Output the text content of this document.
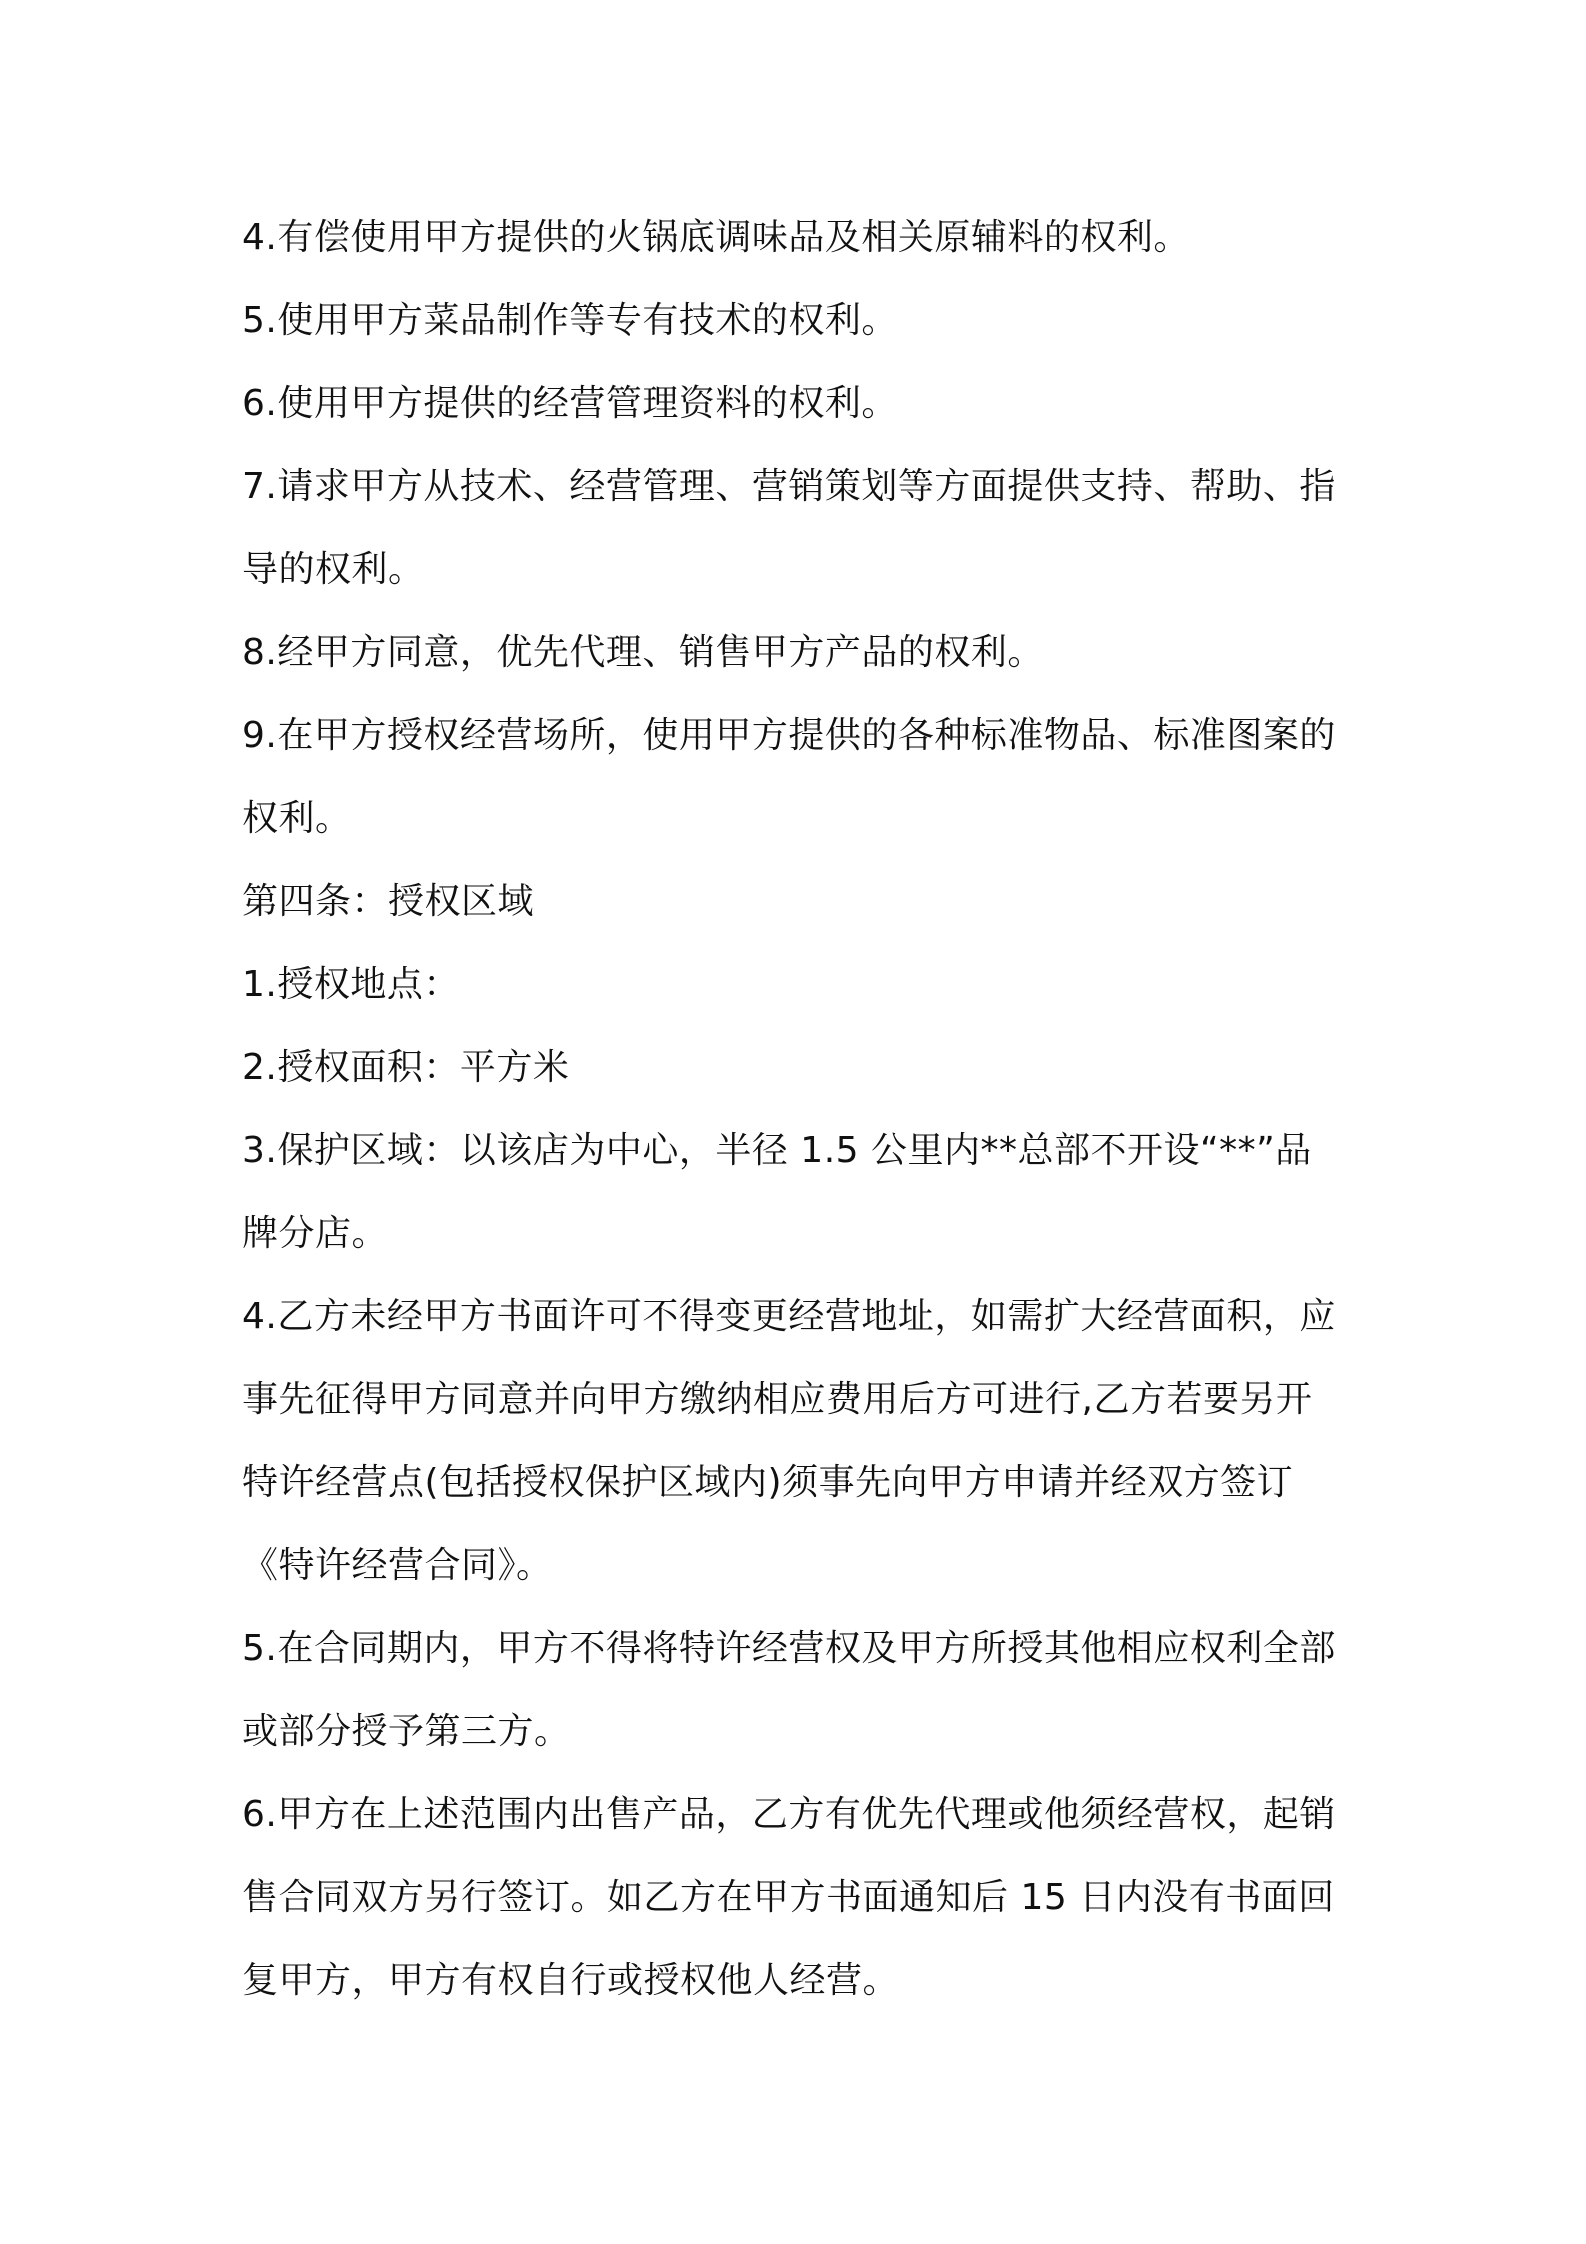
4.有偿使用甲方提供的火锅底调味品及相关原辅料的权利。
5.使用甲方菜品制作等专有技术的权利。
6.使用甲方提供的经营管理资料的权利。
7.请求甲方从技术、经营管理、营销策划等方面提供支持、帮助、指
导的权利。
8.经甲方同意，优先代理、销售甲方产品的权利。
9.在甲方授权经营场所，使用甲方提供的各种标准物品、标准图案的
权利。
第四条：授权区域
1.授权地点：
2.授权面积：平方米
3.保护区域：以该店为中心，半径 1.5 公里内**总部不开设“**”品
牌分店。
4.乙方未经甲方书面许可不得变更经营地址，如需扩大经营面积，应
事先征得甲方同意并向甲方缴纳相应费用后方可进行,乙方若要另开
特许经营点(包括授权保护区域内)须事先向甲方申请并经双方签订
《特许经营合同》。
5.在合同期内，甲方不得将特许经营权及甲方所授其他相应权利全部
或部分授予第三方。
6.甲方在上述范围内出售产品，乙方有优先代理或他须经营权，起销
售合同双方另行签订。如乙方在甲方书面通知后 15 日内没有书面回
复甲方，甲方有权自行或授权他人经营。
